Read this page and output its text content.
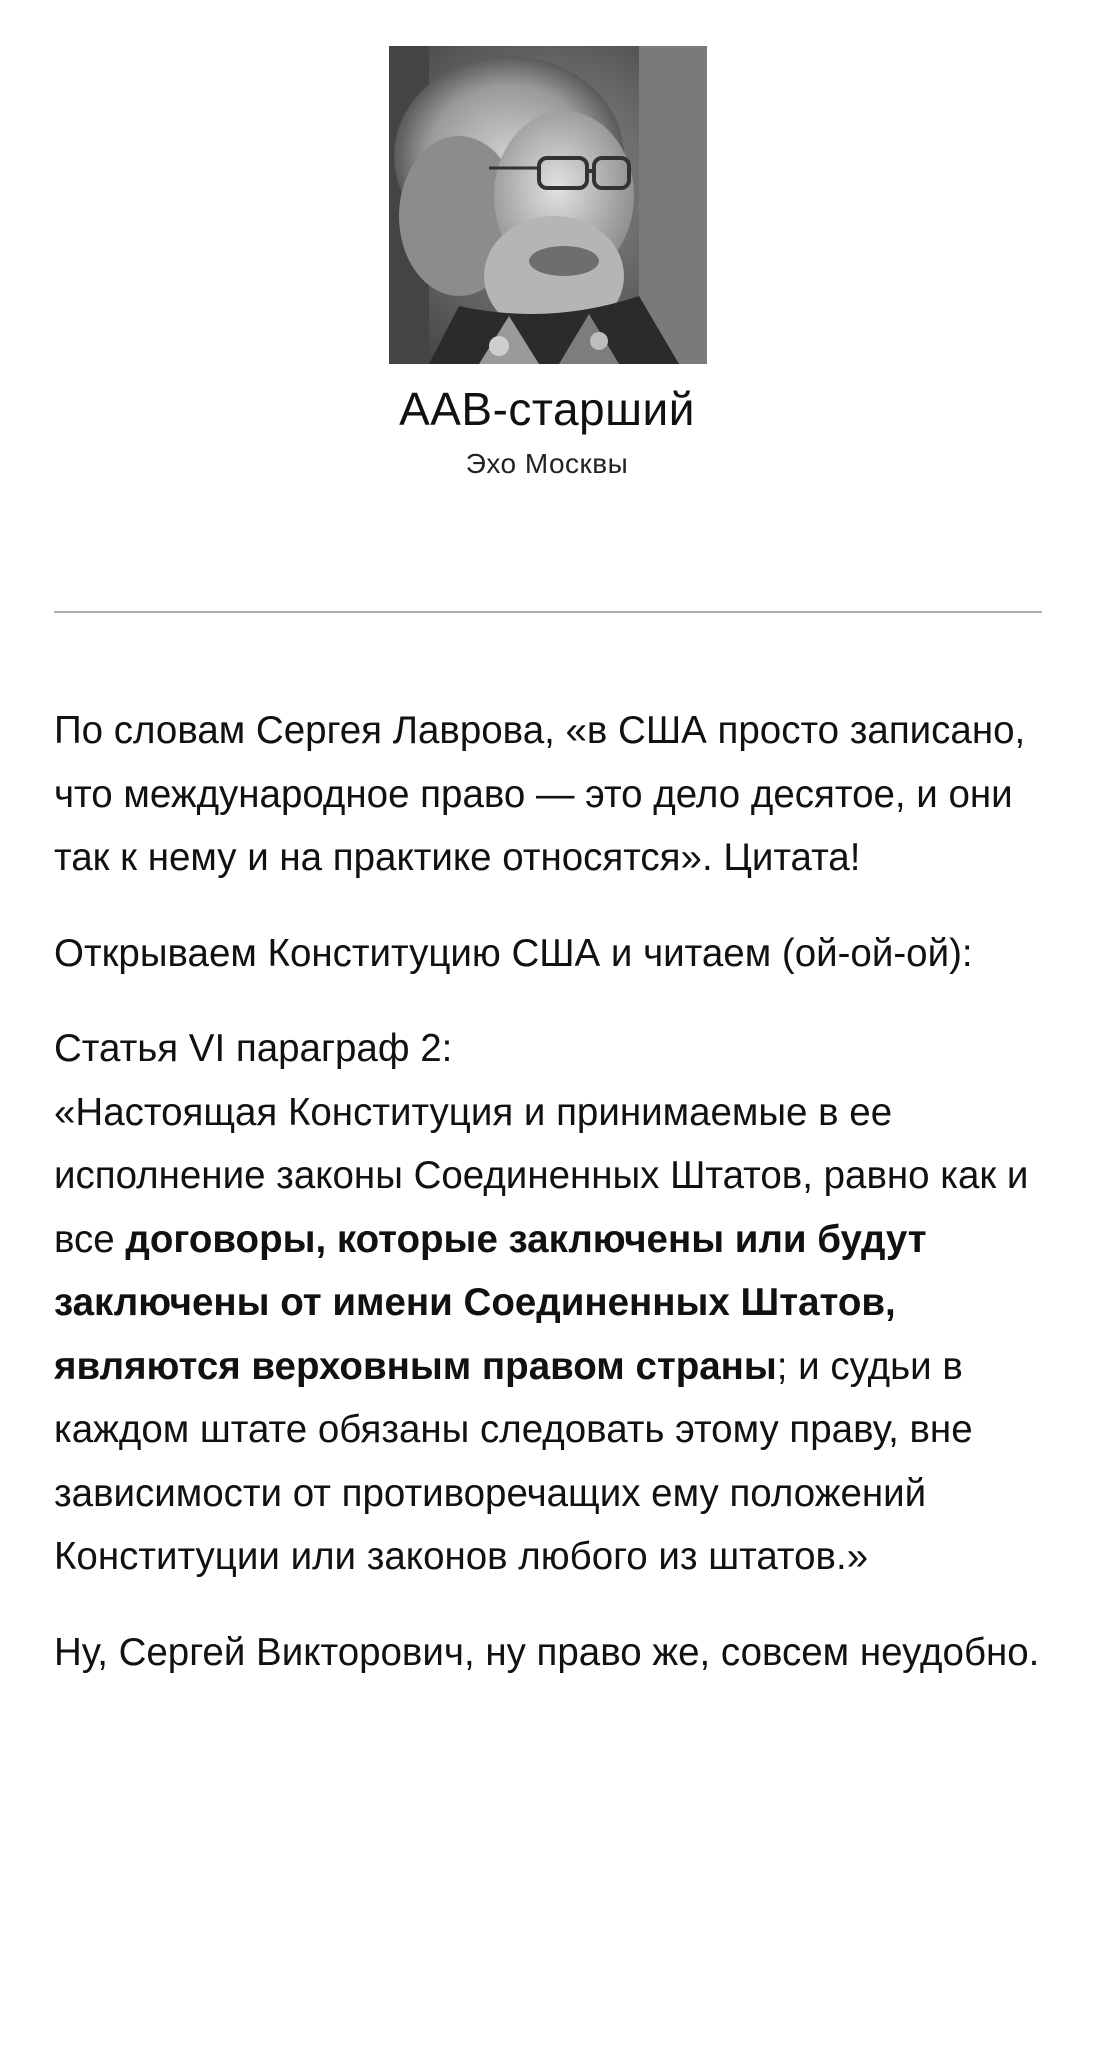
ААВ-старший
Эхо Москвы

По словам Сергея Лаврова, «в США просто записано, что международное право — это дело десятое, и они так к нему и на практике относятся». Цитата!

Открываем Конституцию США и читаем (ой-ой-ой):

Статья VI параграф 2:
«Настоящая Конституция и принимаемые в ее исполнение законы Соединенных Штатов, равно как и все договоры, которые заключены или будут заключены от имени Соединенных Штатов, являются верховным правом страны; и судьи в каждом штате обязаны следовать этому праву, вне зависимости от противоречащих ему положений Конституции или законов любого из штатов.»

Ну, Сергей Викторович, ну право же, совсем неудобно.
